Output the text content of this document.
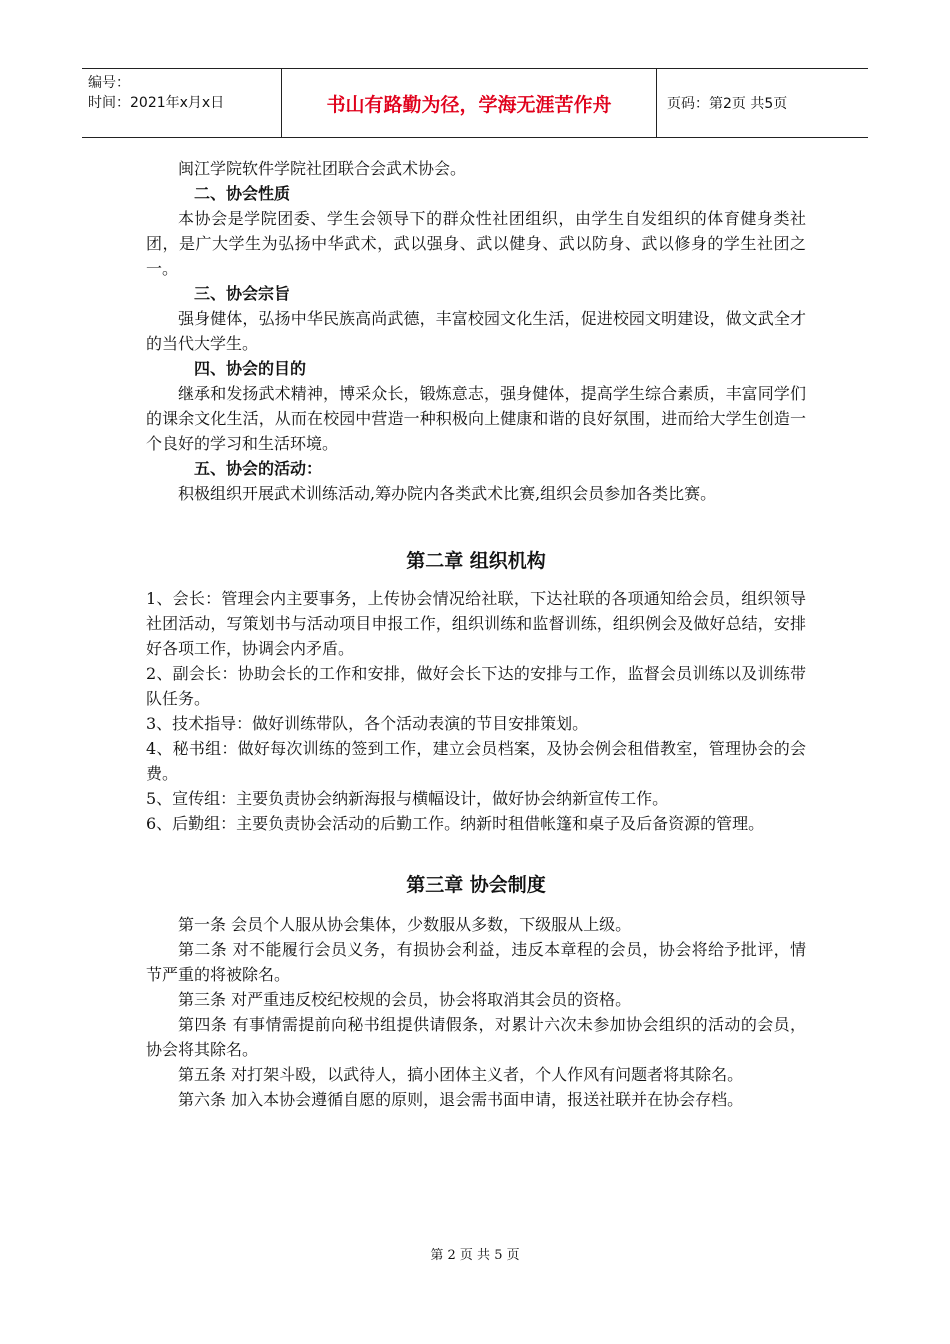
编号：
时间：2021年x月x日	书山有路勤为径，学海无涯苦作舟	页码：第2页 共5页
闽江学院软件学院社团联合会武术协会。
二、协会性质

本协会是学院团委、学生会领导下的群众性社团组织，由学生自发组织的体育健身类社团，是广大学生为弘扬中华武术，武以强身、武以健身、武以防身、武以修身的学生社团之一。

三、协会宗旨

强身健体，弘扬中华民族高尚武德，丰富校园文化生活，促进校园文明建设，做文武全才的当代大学生。

四、协会的目的

继承和发扬武术精神，博采众长，锻炼意志，强身健体，提高学生综合素质，丰富同学们的课余文化生活，从而在校园中营造一种积极向上健康和谐的良好氛围，进而给大学生创造一个良好的学习和生活环境。

五、协会的活动：

积极组织开展武术训练活动,筹办院内各类武术比赛,组织会员参加各类比赛。

第二章 组织机构

1、会长：管理会内主要事务，上传协会情况给社联，下达社联的各项通知给会员，组织领导社团活动，写策划书与活动项目申报工作，组织训练和监督训练，组织例会及做好总结，安排好各项工作，协调会内矛盾。

2、副会长：协助会长的工作和安排，做好会长下达的安排与工作，监督会员训练以及训练带队任务。

3、技术指导：做好训练带队，各个活动表演的节目安排策划。

4、秘书组：做好每次训练的签到工作，建立会员档案，及协会例会租借教室，管理协会的会费。

5、宣传组：主要负责协会纳新海报与横幅设计，做好协会纳新宣传工作。

6、后勤组：主要负责协会活动的后勤工作。纳新时租借帐篷和桌子及后备资源的管理。

第三章 协会制度

第一条 会员个人服从协会集体，少数服从多数，下级服从上级。

第二条 对不能履行会员义务，有损协会利益，违反本章程的会员，协会将给予批评，情节严重的将被除名。

第三条 对严重违反校纪校规的会员，协会将取消其会员的资格。

第四条 有事情需提前向秘书组提供请假条，对累计六次未参加协会组织的活动的会员，协会将其除名。

第五条 对打架斗殴，以武待人，搞小团体主义者，个人作风有问题者将其除名。

第六条 加入本协会遵循自愿的原则，退会需书面申请，报送社联并在协会存档。

第 2 页 共 5 页
